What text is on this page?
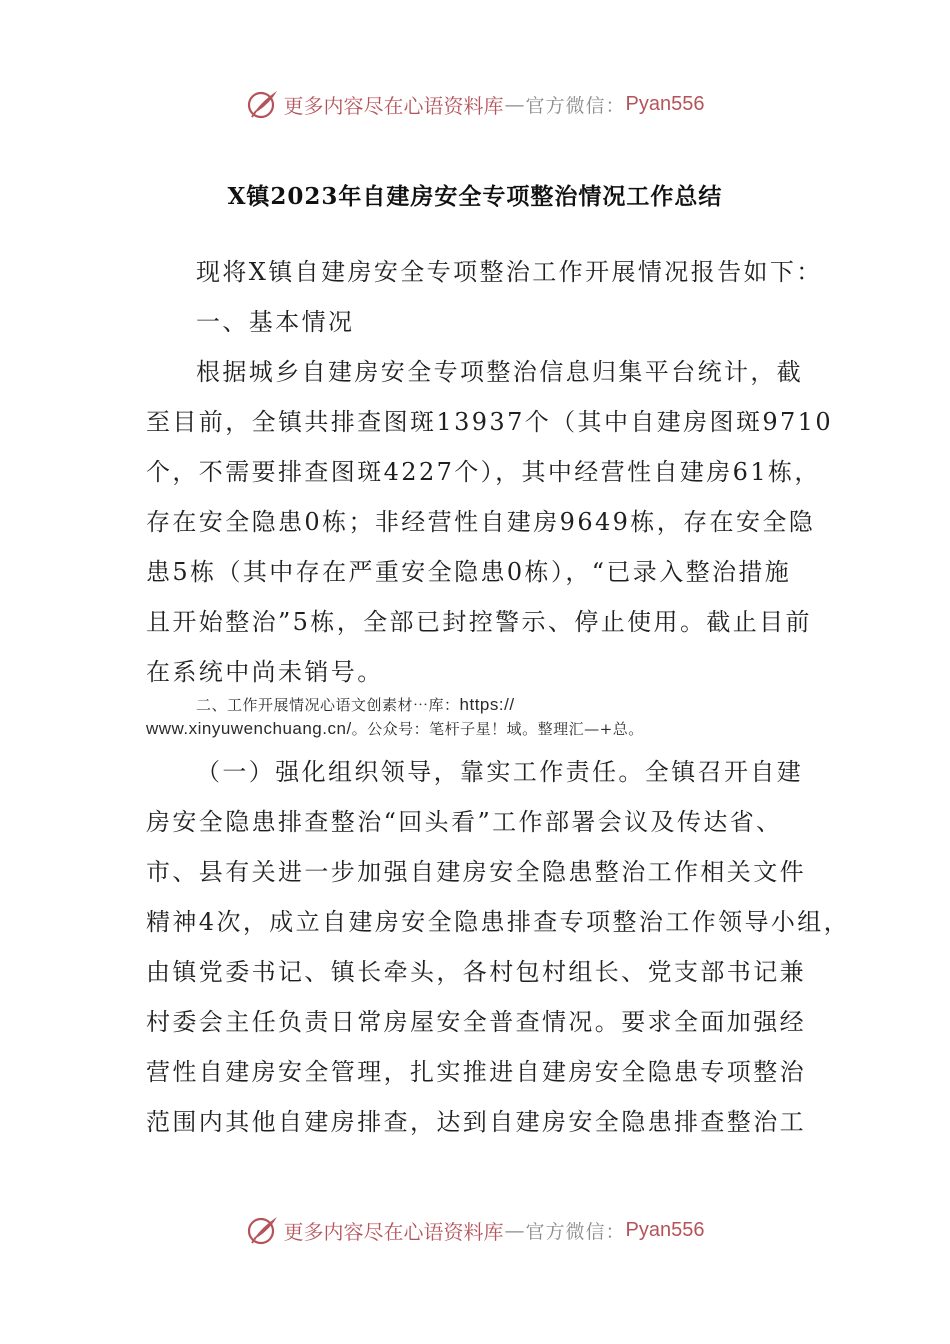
更多内容尽在心语资料库 — 官方微信： Pyan556
X镇2023年自建房安全专项整治情况工作总结
现将X镇自建房安全专项整治工作开展情况报告如下：
一、基本情况
根据城乡自建房安全专项整治信息归集平台统计，截
至目前，全镇共排查图斑13937个（其中自建房图斑9710
个，不需要排查图斑4227个），其中经营性自建房61栋，
存在安全隐患0栋；非经营性自建房9649栋，存在安全隐
患5栋（其中存在严重安全隐患0栋），“已录入整治措施
且开始整治”5栋，全部已封控警示、停止使用。截止目前
在系统中尚未销号。
二、工作开展情况心语文创素材⋯库：https://
www.xinyuwenchuang.cn/。公众号：笔杆子星！域。整理汇—+总。
（一）强化组织领导，靠实工作责任。全镇召开自建
房安全隐患排查整治“回头看”工作部署会议及传达省、
市、县有关进一步加强自建房安全隐患整治工作相关文件
精神4次，成立自建房安全隐患排查专项整治工作领导小组，
由镇党委书记、镇长牵头，各村包村组长、党支部书记兼
村委会主任负责日常房屋安全普查情况。要求全面加强经
营性自建房安全管理，扎实推进自建房安全隐患专项整治
范围内其他自建房排查，达到自建房安全隐患排查整治工
更多内容尽在心语资料库 — 官方微信： Pyan556
